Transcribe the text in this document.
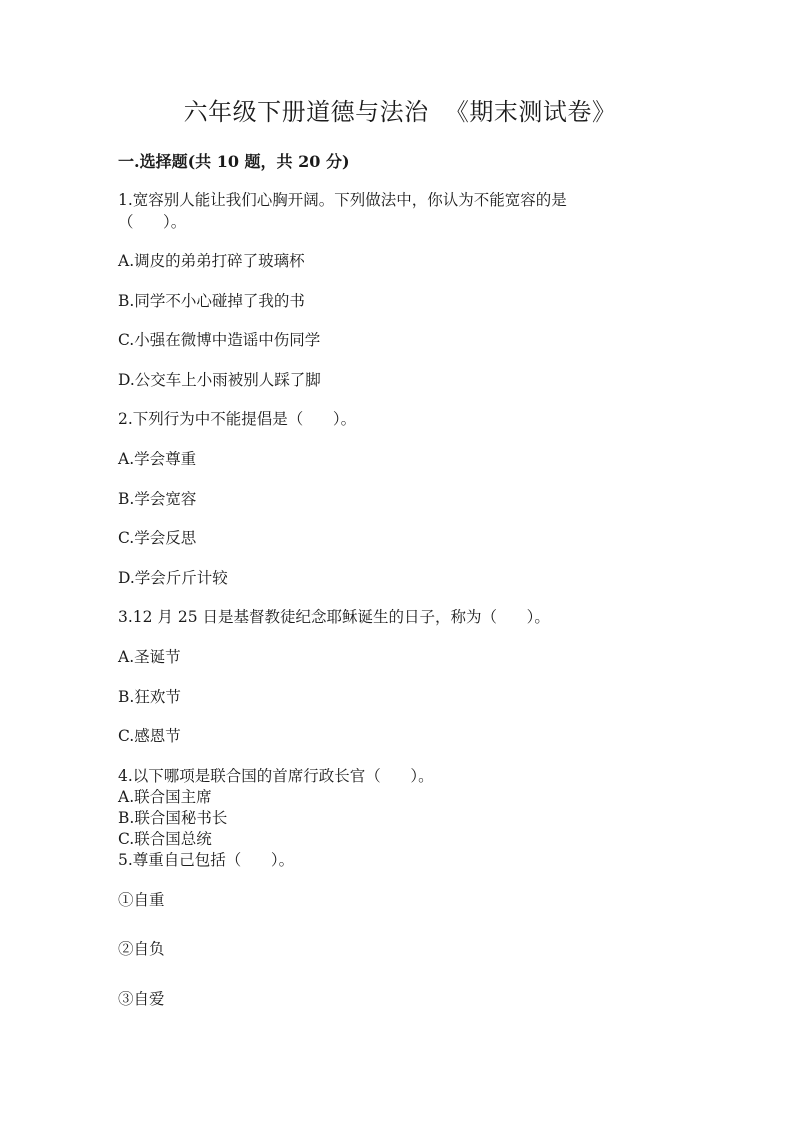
六年级下册道德与法治  《期末测试卷》
一.选择题(共 10 题，共 20 分)
1.宽容别人能让我们心胸开阔。下列做法中，你认为不能宽容的是
（      ）。
A.调皮的弟弟打碎了玻璃杯
B.同学不小心碰掉了我的书
C.小强在微博中造谣中伤同学
D.公交车上小雨被别人踩了脚
2.下列行为中不能提倡是（      ）。
A.学会尊重
B.学会宽容
C.学会反思
D.学会斤斤计较
3.12 月 25 日是基督教徒纪念耶稣诞生的日子，称为（      ）。
A.圣诞节
B.狂欢节
C.感恩节
4.以下哪项是联合国的首席行政长官（      ）。
A.联合国主席
B.联合国秘书长
C.联合国总统
5.尊重自己包括（      ）。
①自重
②自负
③自爱
